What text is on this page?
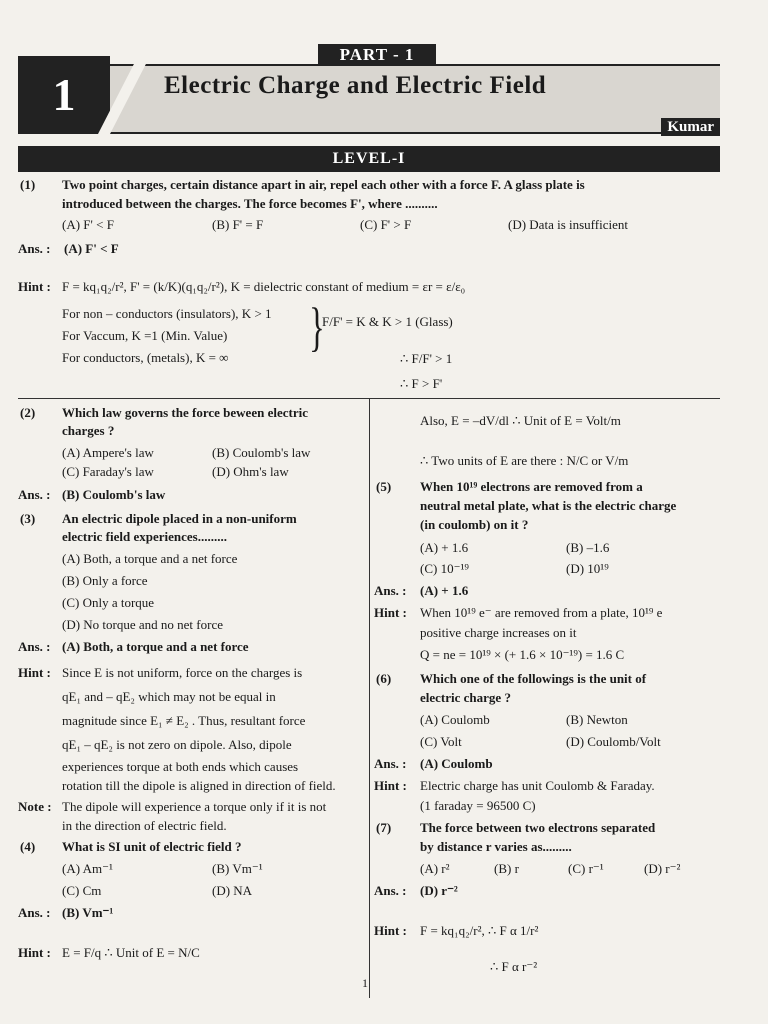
PART - 1
1	Electric Charge and Electric Field
Kumar
LEVEL-I
(1) Two point charges, certain distance apart in air, repel each other with a force F. A glass plate is
introduced between the charges. The force becomes F', where ..........
(A) F' < F	(B) F' = F	(C) F' > F	(D) Data is insufficient
Ans. : (A) F' < F
Hint : F = kq₁q₂/r², F' = (k/K)(q₁q₂/r²), K = dielectric constant of medium = εr = ε/ε₀
For non – conductors (insulators), K > 1
For Vaccum, K =1 (Min. Value)
For conductors, (metals), K = ∞
}
F/F' = K & K > 1 (Glass)
∴ F/F' > 1
∴ F > F'
(2) Which law governs the force beween electric
charges ?
(A) Ampere's law	(B) Coulomb's law
(C) Faraday's law	(D) Ohm's law
Ans. : (B) Coulomb's law
(3) An electric dipole placed in a non-uniform
electric field experiences.........
(A) Both, a torque and a net force
(B) Only a force
(C) Only a torque
(D) No torque and no net force
Ans. : (A) Both, a torque and a net force
Hint : Since E is not uniform, force on the charges is
qE₁ and – qE₂ which may not be equal in
magnitude since E₁ ≠ E₂ . Thus, resultant force
qE₁ – qE₂ is not zero on dipole. Also, dipole
experiences torque at both ends which causes
rotation till the dipole is aligned in direction of field.
Note : The dipole will experience a torque only if it is not
in the direction of electric field.
(4) What is SI unit of electric field ?
(A) Am⁻¹	(B) Vm⁻¹
(C) Cm	(D) NA
Ans. : (B) Vm⁻¹
Hint : E = F/q ∴ Unit of E = N/C
Also, E = –dV/dl ∴ Unit of E = Volt/m
∴ Two units of E are there : N/C or V/m
(5) When 10¹⁹ electrons are removed from a
neutral metal plate, what is the electric charge
(in coulomb) on it ?
(A) + 1.6	(B) –1.6
(C) 10⁻¹⁹	(D) 10¹⁹
Ans. : (A) + 1.6
Hint : When 10¹⁹ e⁻ are removed from a plate, 10¹⁹ e
positive charge increases on it
Q = ne = 10¹⁹ × (+ 1.6 × 10⁻¹⁹) = 1.6 C
(6) Which one of the followings is the unit of
electric charge ?
(A) Coulomb	(B) Newton
(C) Volt	(D) Coulomb/Volt
Ans. : (A) Coulomb
Hint : Electric charge has unit Coulomb & Faraday.
(1 faraday = 96500 C)
(7) The force between two electrons separated
by distance r varies as.........
(A) r²	(B) r	(C) r⁻¹	(D) r⁻²
Ans. : (D) r⁻²
Hint : F = kq₁q₂/r², ∴ F α 1/r²
∴ F α r⁻²
1
